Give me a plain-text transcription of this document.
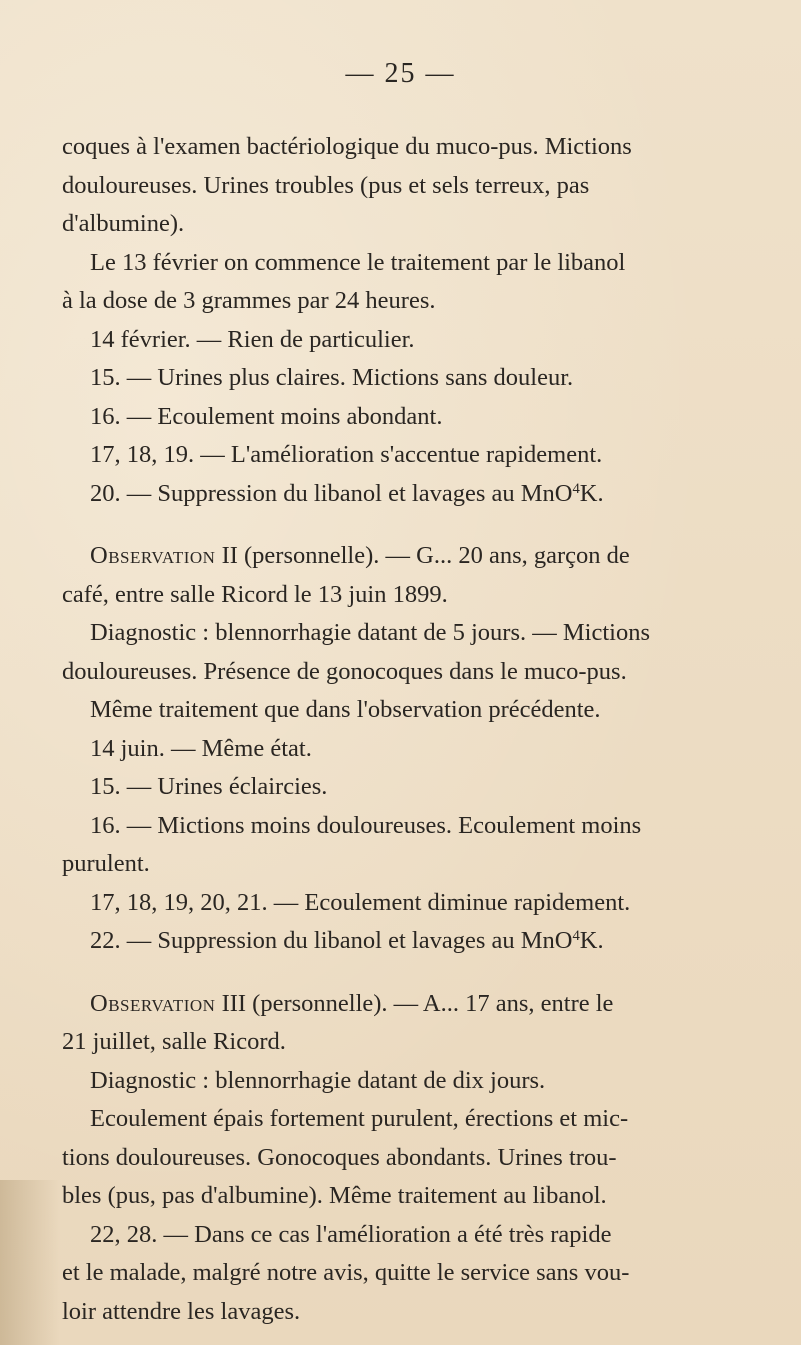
— 25 —
coques à l'examen bactériologique du muco-pus. Mictions
douloureuses. Urines troubles (pus et sels terreux, pas
d'albumine).
Le 13 février on commence le traitement par le libanol
à la dose de 3 grammes par 24 heures.
14 février. — Rien de particulier.
15. — Urines plus claires. Mictions sans douleur.
16. — Ecoulement moins abondant.
17, 18, 19. — L'amélioration s'accentue rapidement.
20. — Suppression du libanol et lavages au MnO$^4$K.
Observation II (personnelle). — G... 20 ans, garçon de
café, entre salle Ricord le 13 juin 1899.
Diagnostic : blennorrhagie datant de 5 jours. — Mictions
douloureuses. Présence de gonocoques dans le muco-pus.
Même traitement que dans l'observation précédente.
14 juin. — Même état.
15. — Urines éclaircies.
16. — Mictions moins douloureuses. Ecoulement moins
purulent.
17, 18, 19, 20, 21. — Ecoulement diminue rapidement.
22. — Suppression du libanol et lavages au MnO$^4$K.
Observation III (personnelle). — A... 17 ans, entre le
21 juillet, salle Ricord.
Diagnostic : blennorrhagie datant de dix jours.
Ecoulement épais fortement purulent, érections et mic-
tions douloureuses. Gonocoques abondants. Urines trou-
bles (pus, pas d'albumine). Même traitement au libanol.
22, 28. — Dans ce cas l'amélioration a été très rapide
et le malade, malgré notre avis, quitte le service sans vou-
loir attendre les lavages.
